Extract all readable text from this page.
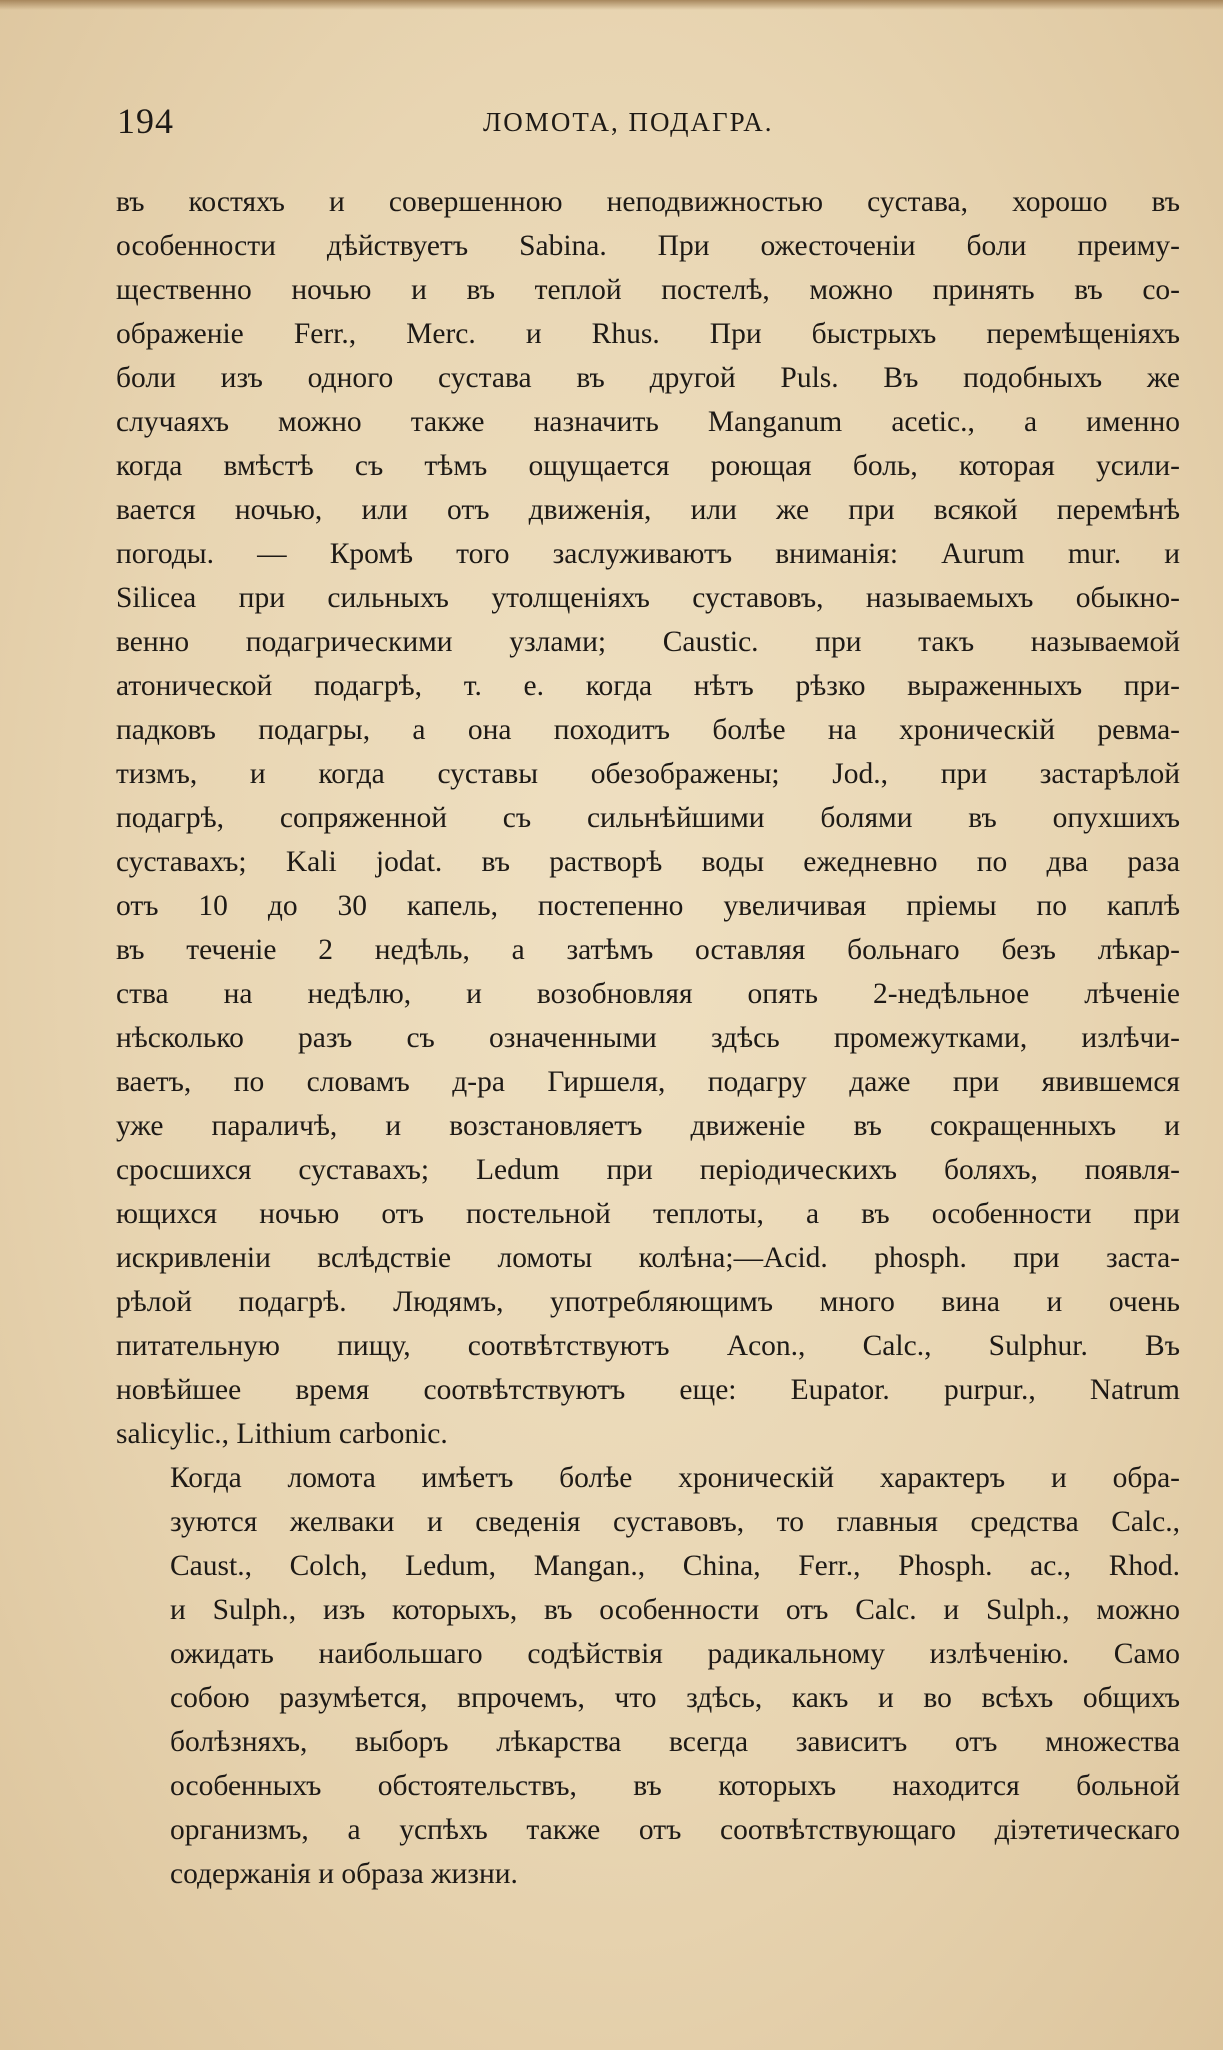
194	ЛОМОТА, ПОДАГРА.

въ костяхъ и совершенною неподвижностью сустава, хорошо въ
особенности дѣйствуетъ Sabina. При ожесточеніи боли преиму-
щественно ночью и въ теплой постелѣ, можно принять въ со-
ображеніе Ferr., Merc. и Rhus. При быстрыхъ перемѣщеніяхъ
боли изъ одного сустава въ другой Puls. Въ подобныхъ же
случаяхъ можно также назначить Manganum acetic., а именно
когда вмѣстѣ съ тѣмъ ощущается роющая боль, которая усили-
вается ночью, или отъ движенія, или же при всякой перемѣнѣ
погоды. — Кромѣ того заслуживаютъ вниманія: Aurum mur. и
Silicea при сильныхъ утолщеніяхъ суставовъ, называемыхъ обыкно-
венно подагрическими узлами; Caustic. при такъ называемой
атонической подагрѣ, т. е. когда нѣтъ рѣзко выраженныхъ при-
падковъ подагры, а она походитъ болѣе на хроническій ревма-
тизмъ, и когда суставы обезображены; Jod., при застарѣлой
подагрѣ, сопряженной съ сильнѣйшими болями въ опухшихъ
суставахъ; Kali jodat. въ растворѣ воды ежедневно по два раза
отъ 10 до 30 капель, постепенно увеличивая пріемы по каплѣ
въ теченіе 2 недѣль, а затѣмъ оставляя больнаго безъ лѣкар-
ства на недѣлю, и возобновляя опять 2-недѣльное лѣченіе
нѣсколько разъ съ означенными здѣсь промежутками, излѣчи-
ваетъ, по словамъ д-ра Гиршеля, подагру даже при явившемся
уже параличѣ, и возстановляетъ движеніе въ сокращенныхъ и
сросшихся суставахъ; Ledum при періодическихъ боляхъ, появля-
ющихся ночью отъ постельной теплоты, а въ особенности при
искривленіи вслѣдствіе ломоты колѣна;—Acid. phosph. при заста-
рѣлой подагрѣ. Людямъ, употребляющимъ много вина и очень
питательную пищу, соотвѣтствуютъ Acon., Calc., Sulphur. Въ
новѣйшее время соотвѣтствуютъ еще: Eupator. purpur., Natrum
salicylic., Lithium carbonic.

Когда ломота имѣетъ болѣе хроническій характеръ и обра-
зуются желваки и сведенія суставовъ, то главныя средства Calc.,
Caust., Colch, Ledum, Mangan., China, Ferr., Phosph. ac., Rhod.
и Sulph., изъ которыхъ, въ особенности отъ Calc. и Sulph., можно
ожидать наибольшаго содѣйствія радикальному излѣченію. Само
собою разумѣется, впрочемъ, что здѣсь, какъ и во всѣхъ общихъ
болѣзняхъ, выборъ лѣкарства всегда зависитъ отъ множества
особенныхъ обстоятельствъ, въ которыхъ находится больной
организмъ, а успѣхъ также отъ соотвѣтствующаго діэтетическаго
содержанія и образа жизни.
